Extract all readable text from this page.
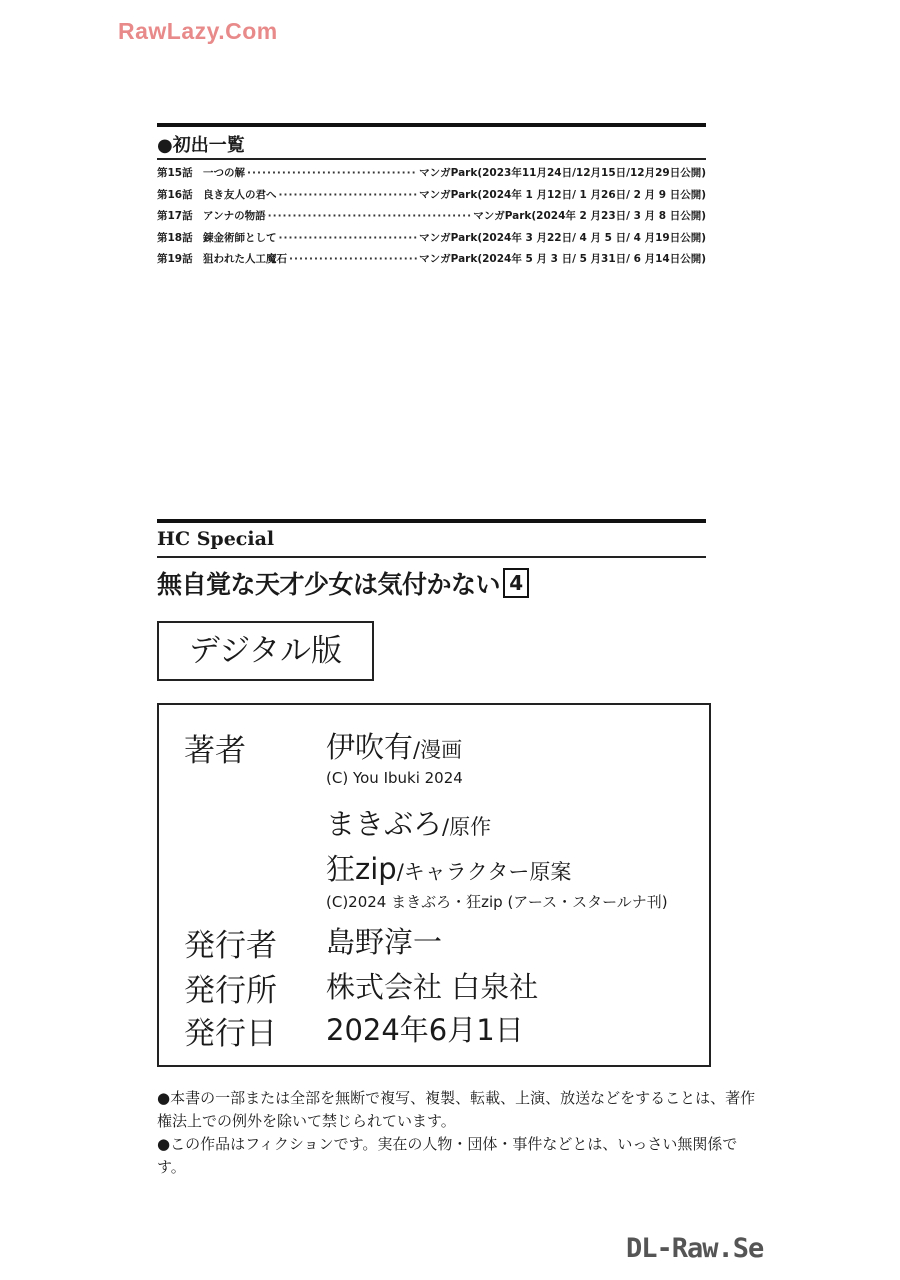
RawLazy.Com
●初出一覧
第15話 一つの解 ·····	マンガPark(2023年11月24日/12月15日/12月29日公開)
第16話 良き友人の君へ ·····	マンガPark(2024年 1 月12日/ 1 月26日/ 2 月 9 日公開)
第17話 アンナの物語 ·····	マンガPark(2024年 2 月23日/ 3 月 8 日公開)
第18話 錬金術師として ·····	マンガPark(2024年 3 月22日/ 4 月 5 日/ 4 月19日公開)
第19話 狙われた人工魔石 ·····	マンガPark(2024年 5 月 3 日/ 5 月31日/ 6 月14日公開)
HC Special
無自覚な天才少女は気付かない 4
デジタル版
著者	伊吹有/漫画
(C) You Ibuki 2024
まきぶろ/原作
狂zip/キャラクター原案
(C)2024 まきぶろ・狂zip (アース・スタールナ刊)
発行者 島野淳一
発行所 株式会社 白泉社
発行日 2024年6月1日
●本書の一部または全部を無断で複写、複製、転載、上演、放送などをすることは、著作権法上での例外を除いて禁じられています。
●この作品はフィクションです。実在の人物・団体・事件などとは、いっさい無関係です。
DL-Raw.Se
